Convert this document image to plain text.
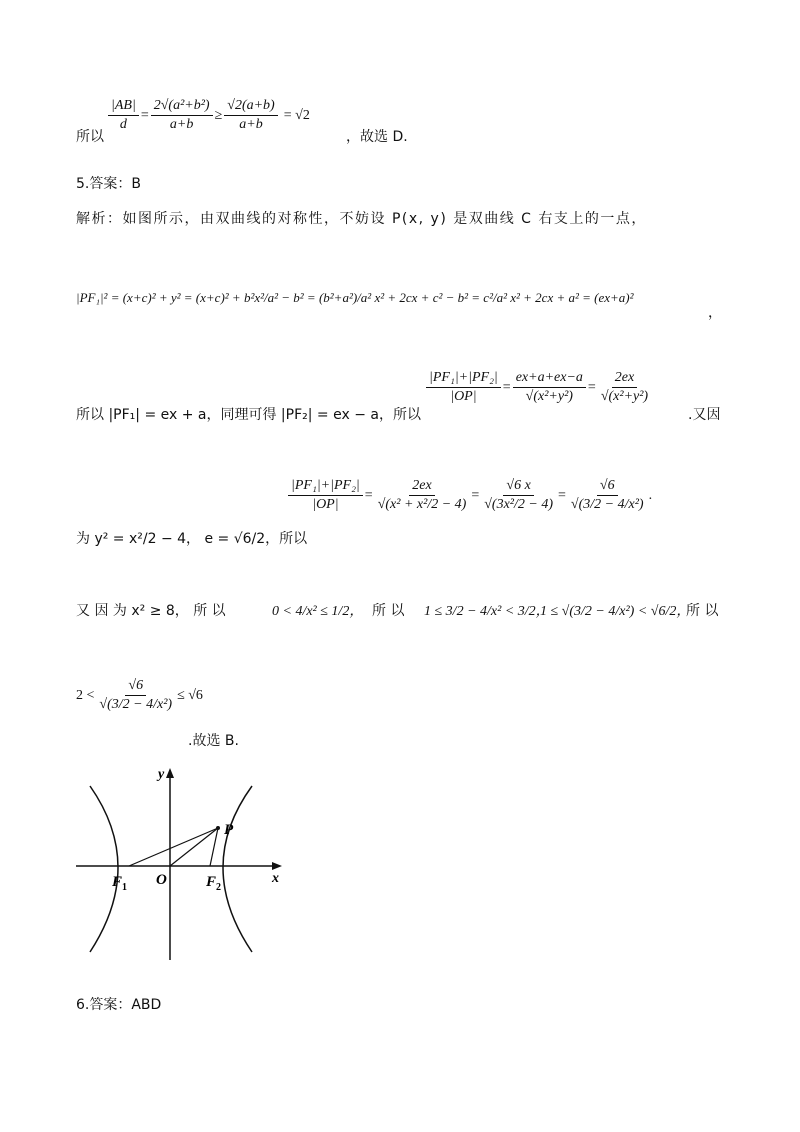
所以
$\frac{|AB|}{d} = \frac{\text{2√(a²+b²)}}{a+b} \ge \frac{√2(a+b)}{a+b} = √2$
，故选 D.
5.答案：B
解析：如图所示，由双曲线的对称性，不妨设 P(x, y) 是双曲线 C 右支上的一点，
|PF₁|² = (x+c)² + y² = (x+c)² + b²x²/a² − b² = (b²+a²)/a² x² + 2cx + c² − b² = c²/a² x² + 2cx + a² = (ex+a)²
，
所以 |PF₁| = ex + a，同理可得 |PF₂| = ex − a，所以
$\frac{\text{|PF₁|+|PF₂|}}{|OP|} = \frac{ex+a+ex-a}{\text{√(x²+y²)}} = \frac{2ex}{\text{√(x²+y²)}}$
.又因
为 y² = x²/2 − 4， e = √6/2，所以
$\frac{\text{|PF₁|+|PF₂|}}{|OP|} = \frac{2ex}{\text{√(x² + x²/2 − 4)}} = \frac{√6 x}{\text{√(3x²/2 − 4)}} = \frac{√6}{\text{√(3/2 − 4/x²)}}$ .
又 因 为 x² ≥ 8， 所 以	0 < 4/x² ≤ 1/2， 所 以 1 ≤ 3/2 − 4/x² < 3/2，
1 ≤ √(3/2 − 4/x²) < √6/2，
所 以
$2 < \frac{√6}{\text{√(3/2 − 4/x²)}} \le √6$
.故选 B.
y
x
P
O
F 1	F 2
6.答案：ABD
